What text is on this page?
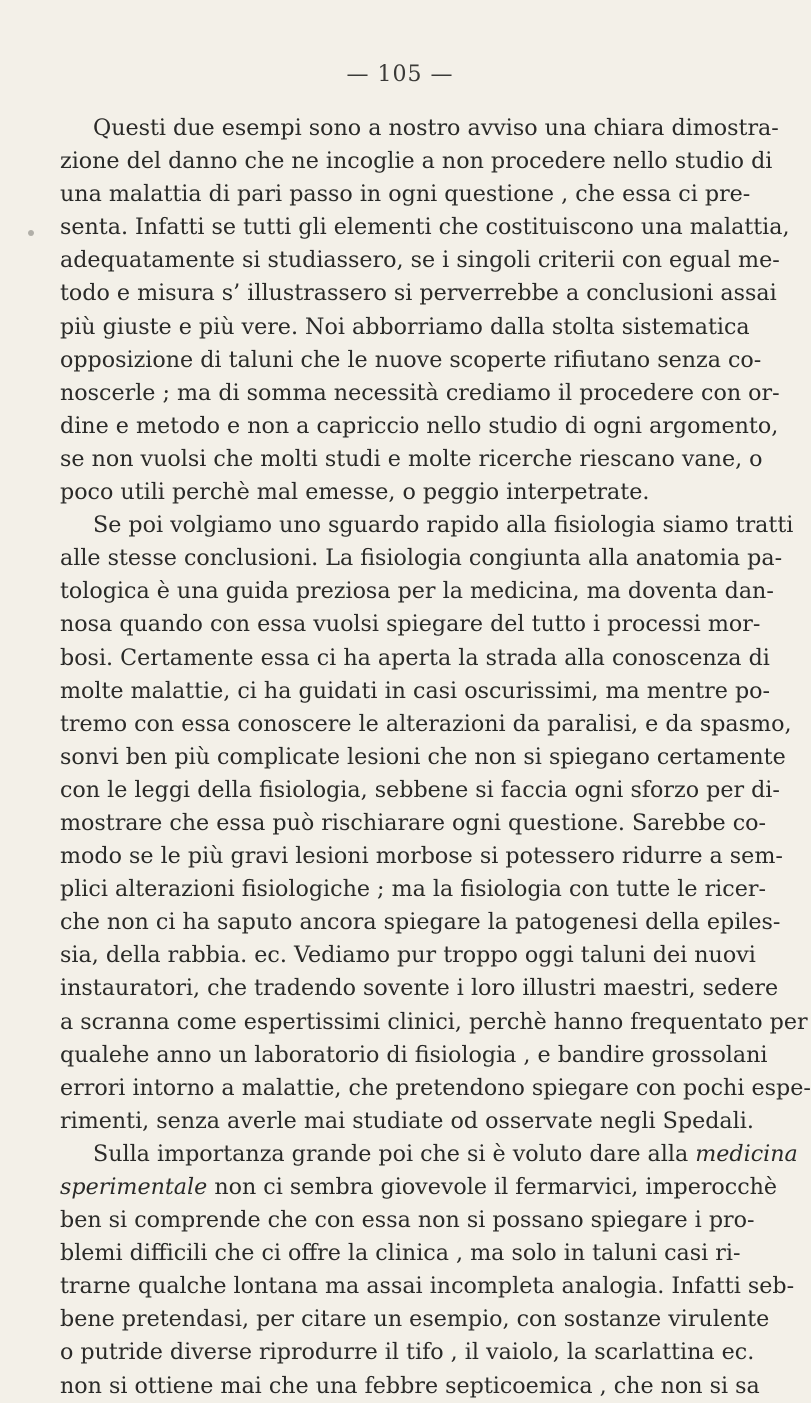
— 105 —
Questi due esempi sono a nostro avviso una chiara dimostra-
zione del danno che ne incoglie a non procedere nello studio di
una malattia di pari passo in ogni questione , che essa ci pre-
senta. Infatti se tutti gli elementi che costituiscono una malattia,
adequatamente si studiassero, se i singoli criterii con egual me-
todo e misura s’ illustrassero si perverrebbe a conclusioni assai
più giuste e più vere. Noi abborriamo dalla stolta sistematica
opposizione di taluni che le nuove scoperte rifiutano senza co-
noscerle ; ma di somma necessità crediamo il procedere con or-
dine e metodo e non a capriccio nello studio di ogni argomento,
se non vuolsi che molti studi e molte ricerche riescano vane, o
poco utili perchè mal emesse, o peggio interpetrate.
Se poi volgiamo uno sguardo rapido alla fisiologia siamo tratti
alle stesse conclusioni. La fisiologia congiunta alla anatomia pa-
tologica è una guida preziosa per la medicina, ma doventa dan-
nosa quando con essa vuolsi spiegare del tutto i processi mor-
bosi. Certamente essa ci ha aperta la strada alla conoscenza di
molte malattie, ci ha guidati in casi oscurissimi, ma mentre po-
tremo con essa conoscere le alterazioni da paralisi, e da spasmo,
sonvi ben più complicate lesioni che non si spiegano certamente
con le leggi della fisiologia, sebbene si faccia ogni sforzo per di-
mostrare che essa può rischiarare ogni questione. Sarebbe co-
modo se le più gravi lesioni morbose si potessero ridurre a sem-
plici alterazioni fisiologiche ; ma la fisiologia con tutte le ricer-
che non ci ha saputo ancora spiegare la patogenesi della epiles-
sia, della rabbia. ec. Vediamo pur troppo oggi taluni dei nuovi
instauratori, che tradendo sovente i loro illustri maestri, sedere
a scranna come espertissimi clinici, perchè hanno frequentato per
qualehe anno un laboratorio di fisiologia , e bandire grossolani
errori intorno a malattie, che pretendono spiegare con pochi espe-
rimenti, senza averle mai studiate od osservate negli Spedali.
Sulla importanza grande poi che si è voluto dare alla medicina
sperimentale non ci sembra giovevole il fermarvici, imperocchè
ben si comprende che con essa non si possano spiegare i pro-
blemi difficili che ci offre la clinica , ma solo in taluni casi ri-
trarne qualche lontana ma assai incompleta analogia. Infatti seb-
bene pretendasi, per citare un esempio, con sostanze virulente
o putride diverse riprodurre il tifo , il vaiolo, la scarlattina ec.
non si ottiene mai che una febbre septicoemica , che non si sa
